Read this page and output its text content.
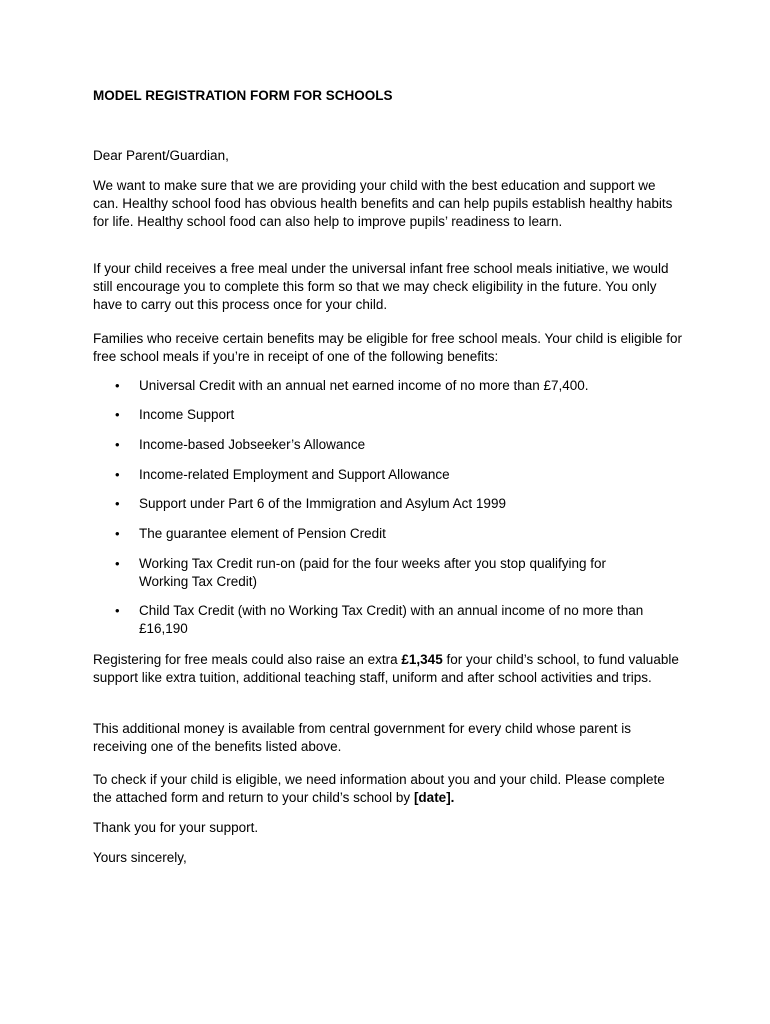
MODEL REGISTRATION FORM FOR SCHOOLS

Dear Parent/Guardian,

We want to make sure that we are providing your child with the best education and support we can. Healthy school food has obvious health benefits and can help pupils establish healthy habits for life. Healthy school food can also help to improve pupils’ readiness to learn.

If your child receives a free meal under the universal infant free school meals initiative, we would still encourage you to complete this form so that we may check eligibility in the future. You only have to carry out this process once for your child.

Families who receive certain benefits may be eligible for free school meals. Your child is eligible for free school meals if you’re in receipt of one of the following benefits:

•	Universal Credit with an annual net earned income of no more than £7,400.
•	Income Support
•	Income-based Jobseeker’s Allowance
•	Income-related Employment and Support Allowance
•	Support under Part 6 of the Immigration and Asylum Act 1999
•	The guarantee element of Pension Credit
•	Working Tax Credit run-on (paid for the four weeks after you stop qualifying for Working Tax Credit)
•	Child Tax Credit (with no Working Tax Credit) with an annual income of no more than £16,190

Registering for free meals could also raise an extra £1,345 for your child’s school, to fund valuable support like extra tuition, additional teaching staff, uniform and after school activities and trips.

This additional money is available from central government for every child whose parent is receiving one of the benefits listed above.

To check if your child is eligible, we need information about you and your child. Please complete the attached form and return to your child’s school by [date].

Thank you for your support.

Yours sincerely,
